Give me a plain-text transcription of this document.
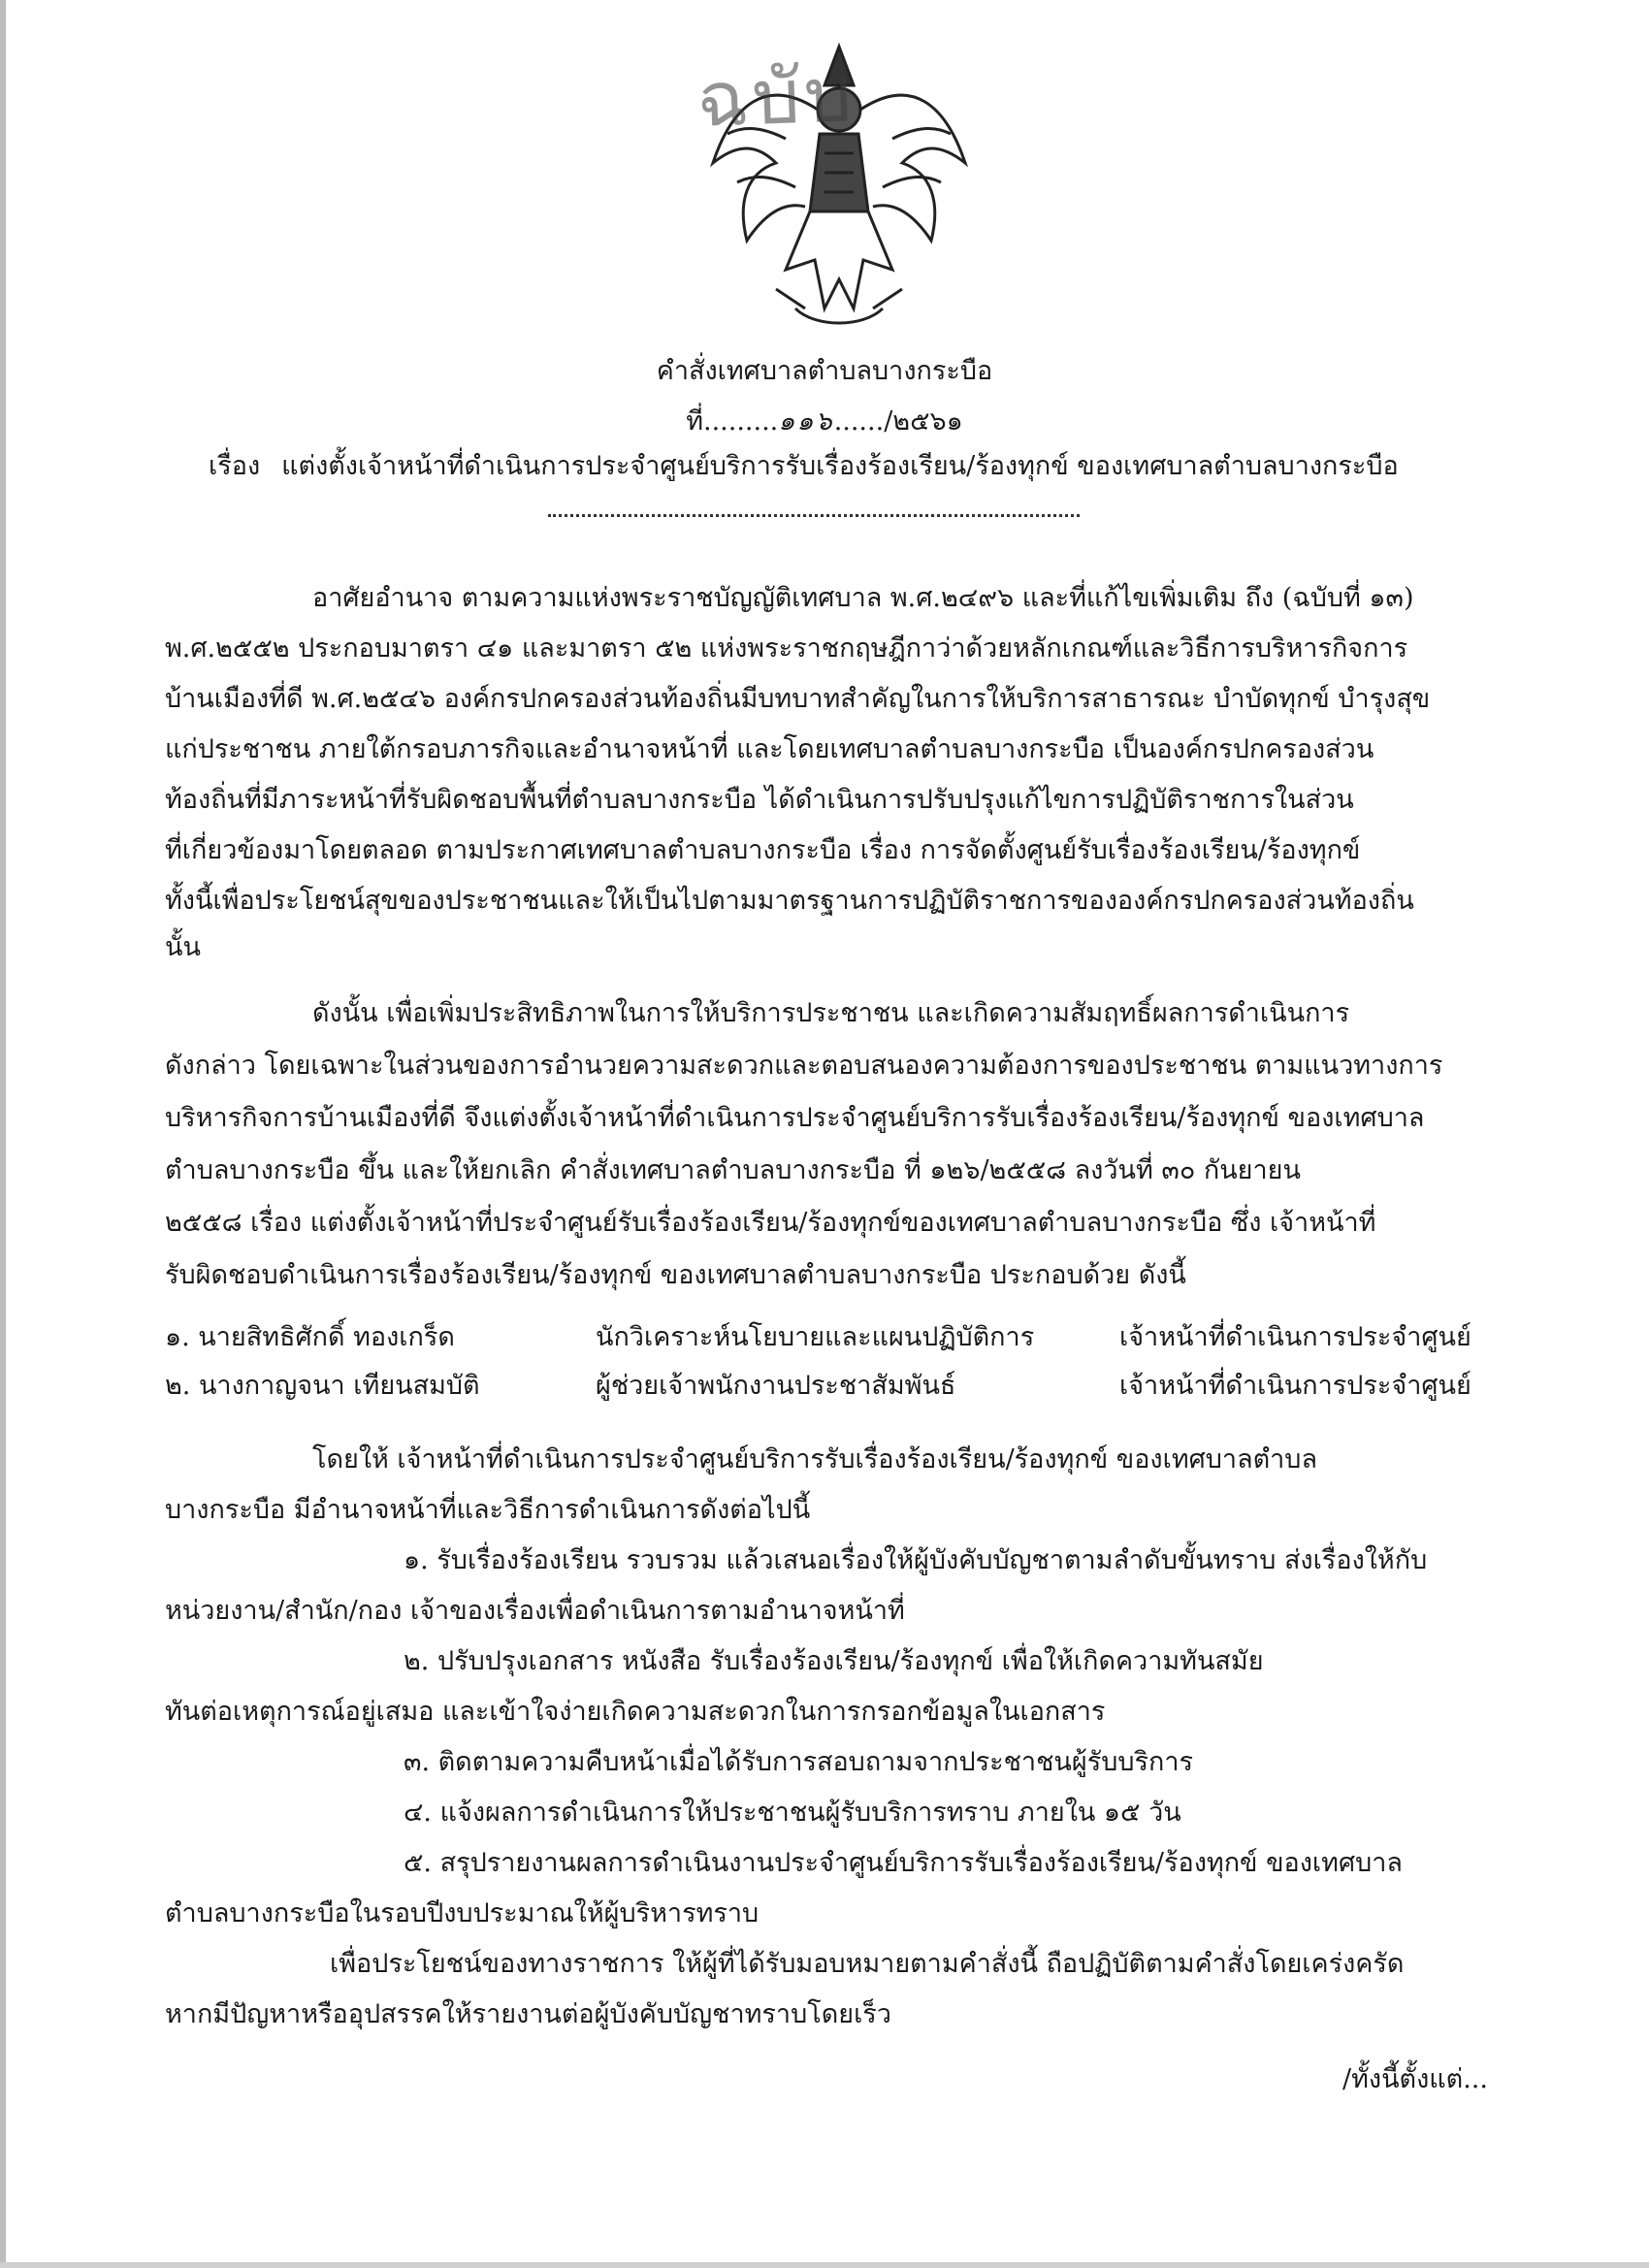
ฉบับ
คำสั่งเทศบาลตำบลบางกระบือ
ที่.........๑๑๖....../๒๕๖๑
เรื่อง แต่งตั้งเจ้าหน้าที่ดำเนินการประจำศูนย์บริการรับเรื่องร้องเรียน/ร้องทุกข์ ของเทศบาลตำบลบางกระบือ
อาศัยอำนาจ ตามความแห่งพระราชบัญญัติเทศบาล พ.ศ.๒๔๙๖ และที่แก้ไขเพิ่มเติม ถึง (ฉบับที่ ๑๓)
พ.ศ.๒๕๕๒ ประกอบมาตรา ๔๑ และมาตรา ๕๒ แห่งพระราชกฤษฎีกาว่าด้วยหลักเกณฑ์และวิธีการบริหารกิจการ
บ้านเมืองที่ดี พ.ศ.๒๕๔๖ องค์กรปกครองส่วนท้องถิ่นมีบทบาทสำคัญในการให้บริการสาธารณะ บำบัดทุกข์ บำรุงสุข
แก่ประชาชน ภายใต้กรอบภารกิจและอำนาจหน้าที่ และโดยเทศบาลตำบลบางกระบือ เป็นองค์กรปกครองส่วน
ท้องถิ่นที่มีภาระหน้าที่รับผิดชอบพื้นที่ตำบลบางกระบือ ได้ดำเนินการปรับปรุงแก้ไขการปฏิบัติราชการในส่วน
ที่เกี่ยวข้องมาโดยตลอด ตามประกาศเทศบาลตำบลบางกระบือ เรื่อง การจัดตั้งศูนย์รับเรื่องร้องเรียน/ร้องทุกข์
ทั้งนี้เพื่อประโยชน์สุขของประชาชนและให้เป็นไปตามมาตรฐานการปฏิบัติราชการขององค์กรปกครองส่วนท้องถิ่น
นั้น
ดังนั้น เพื่อเพิ่มประสิทธิภาพในการให้บริการประชาชน และเกิดความสัมฤทธิ์ผลการดำเนินการ
ดังกล่าว โดยเฉพาะในส่วนของการอำนวยความสะดวกและตอบสนองความต้องการของประชาชน ตามแนวทางการ
บริหารกิจการบ้านเมืองที่ดี จึงแต่งตั้งเจ้าหน้าที่ดำเนินการประจำศูนย์บริการรับเรื่องร้องเรียน/ร้องทุกข์ ของเทศบาล
ตำบลบางกระบือ ขึ้น และให้ยกเลิก คำสั่งเทศบาลตำบลบางกระบือ ที่ ๑๒๖/๒๕๕๘ ลงวันที่ ๓๐ กันยายน
๒๕๕๘ เรื่อง แต่งตั้งเจ้าหน้าที่ประจำศูนย์รับเรื่องร้องเรียน/ร้องทุกข์ของเทศบาลตำบลบางกระบือ ซึ่ง เจ้าหน้าที่
รับผิดชอบดำเนินการเรื่องร้องเรียน/ร้องทุกข์ ของเทศบาลตำบลบางกระบือ ประกอบด้วย ดังนี้
๑. นายสิทธิศักดิ์ ทองเกร็ด	นักวิเคราะห์นโยบายและแผนปฏิบัติการ	เจ้าหน้าที่ดำเนินการประจำศูนย์
๒. นางกาญจนา เทียนสมบัติ	ผู้ช่วยเจ้าพนักงานประชาสัมพันธ์	เจ้าหน้าที่ดำเนินการประจำศูนย์
โดยให้ เจ้าหน้าที่ดำเนินการประจำศูนย์บริการรับเรื่องร้องเรียน/ร้องทุกข์ ของเทศบาลตำบล
บางกระบือ มีอำนาจหน้าที่และวิธีการดำเนินการดังต่อไปนี้
๑. รับเรื่องร้องเรียน รวบรวม แล้วเสนอเรื่องให้ผู้บังคับบัญชาตามลำดับขั้นทราบ ส่งเรื่องให้กับ
หน่วยงาน/สำนัก/กอง เจ้าของเรื่องเพื่อดำเนินการตามอำนาจหน้าที่
๒. ปรับปรุงเอกสาร หนังสือ รับเรื่องร้องเรียน/ร้องทุกข์ เพื่อให้เกิดความทันสมัย
ทันต่อเหตุการณ์อยู่เสมอ และเข้าใจง่ายเกิดความสะดวกในการกรอกข้อมูลในเอกสาร
๓. ติดตามความคืบหน้าเมื่อได้รับการสอบถามจากประชาชนผู้รับบริการ
๔. แจ้งผลการดำเนินการให้ประชาชนผู้รับบริการทราบ ภายใน ๑๕ วัน
๕. สรุปรายงานผลการดำเนินงานประจำศูนย์บริการรับเรื่องร้องเรียน/ร้องทุกข์ ของเทศบาล
ตำบลบางกระบือในรอบปีงบประมาณให้ผู้บริหารทราบ
เพื่อประโยชน์ของทางราชการ ให้ผู้ที่ได้รับมอบหมายตามคำสั่งนี้ ถือปฏิบัติตามคำสั่งโดยเคร่งครัด
หากมีปัญหาหรืออุปสรรคให้รายงานต่อผู้บังคับบัญชาทราบโดยเร็ว
/ทั้งนี้ตั้งแต่...
